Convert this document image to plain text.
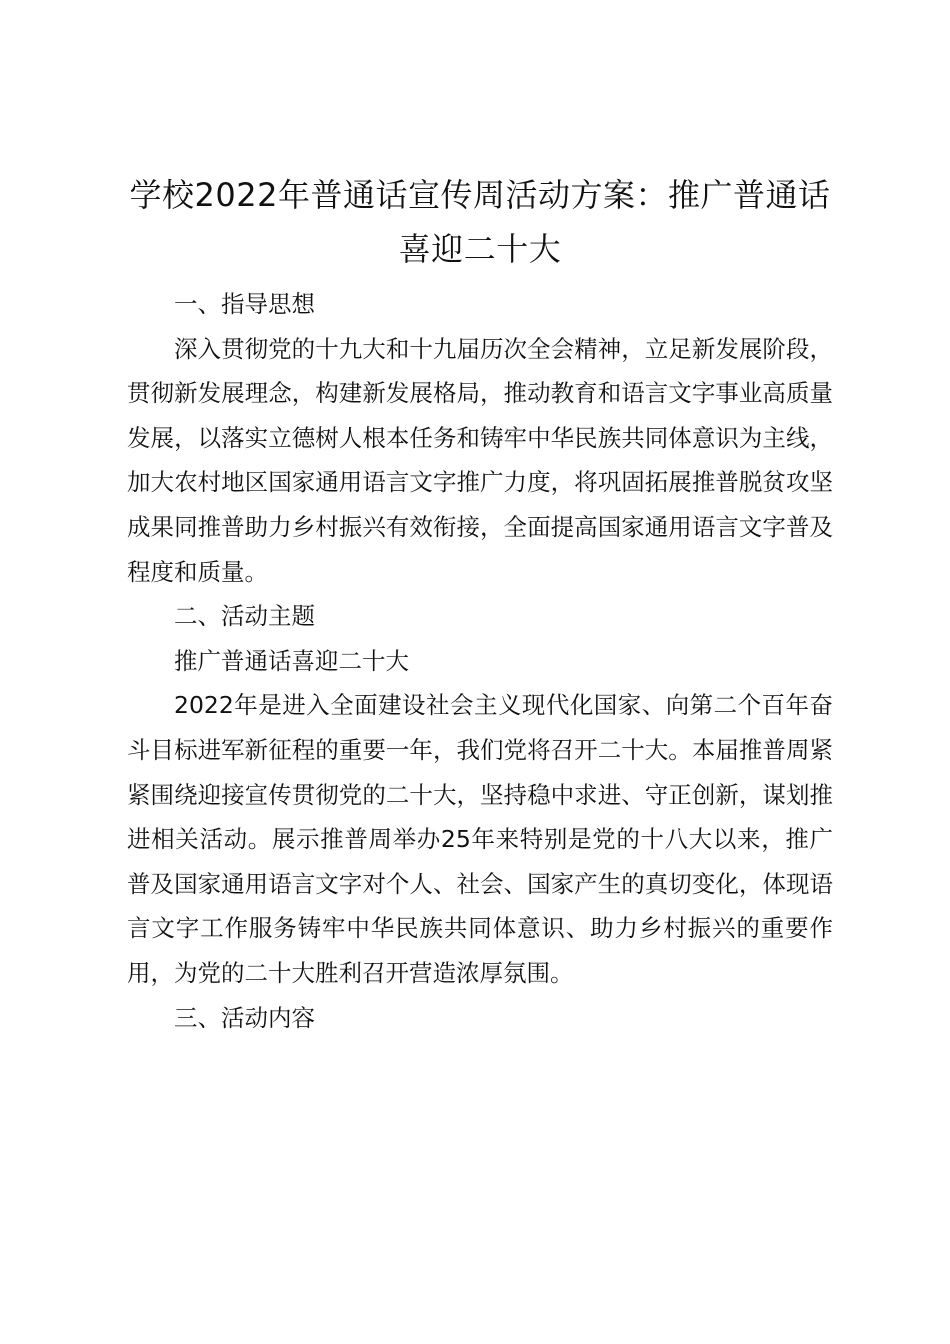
学校2022年普通话宣传周活动方案：推广普通话 喜迎二十大

一、指导思想

深入贯彻党的十九大和十九届历次全会精神，立足新发展阶段，贯彻新发展理念，构建新发展格局，推动教育和语言文字事业高质量发展，以落实立德树人根本任务和铸牢中华民族共同体意识为主线，加大农村地区国家通用语言文字推广力度，将巩固拓展推普脱贫攻坚成果同推普助力乡村振兴有效衔接，全面提高国家通用语言文字普及程度和质量。

二、活动主题

推广普通话喜迎二十大

2022年是进入全面建设社会主义现代化国家、向第二个百年奋斗目标进军新征程的重要一年，我们党将召开二十大。本届推普周紧紧围绕迎接宣传贯彻党的二十大，坚持稳中求进、守正创新，谋划推进相关活动。展示推普周举办25年来特别是党的十八大以来，推广普及国家通用语言文字对个人、社会、国家产生的真切变化，体现语言文字工作服务铸牢中华民族共同体意识、助力乡村振兴的重要作用，为党的二十大胜利召开营造浓厚氛围。

三、活动内容
